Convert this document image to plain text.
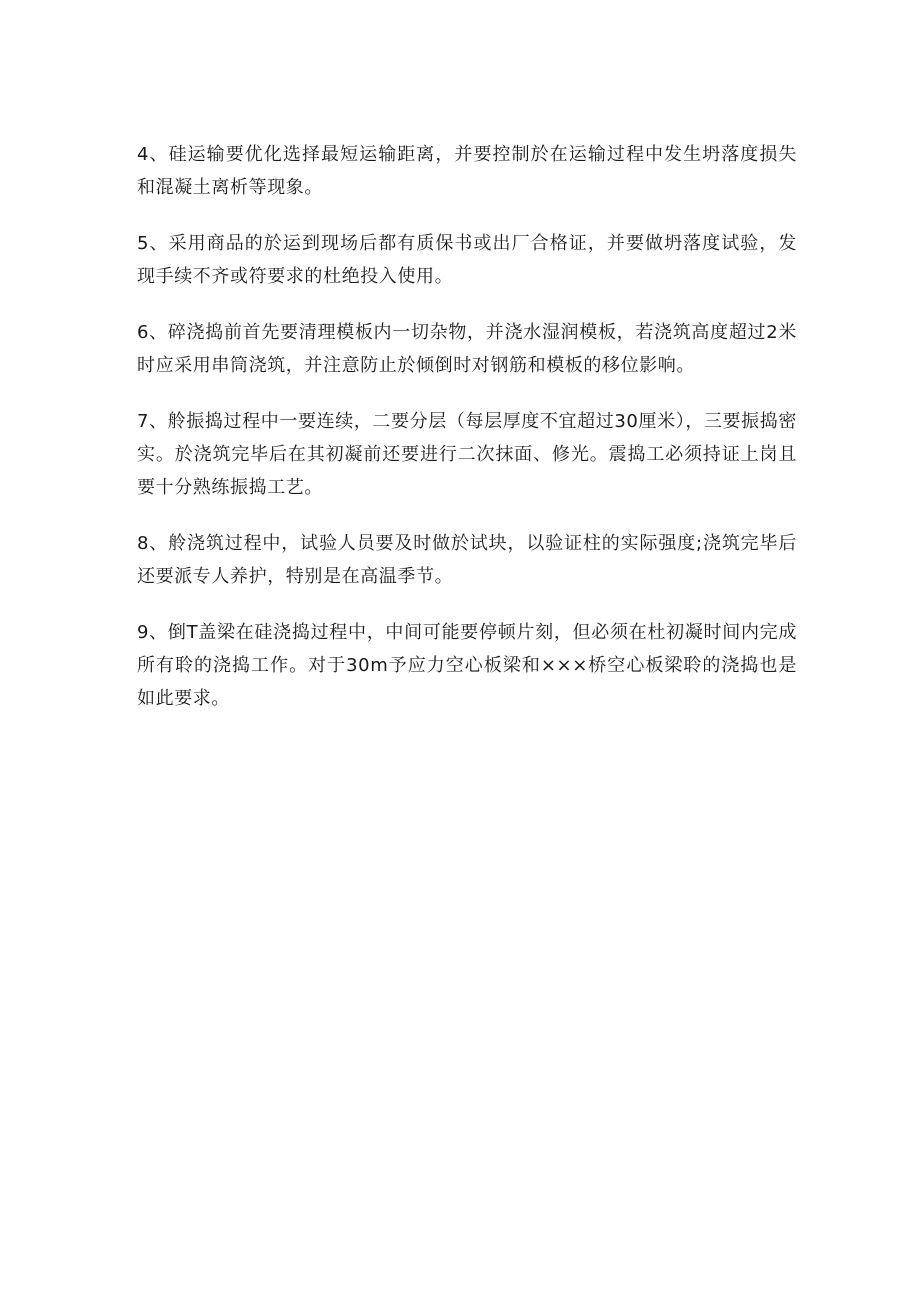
4、硅运输要优化选择最短运输距离，并要控制於在运输过程中发生坍落度损失和混凝土离析等现象。

5、采用商品的於运到现场后都有质保书或出厂合格证，并要做坍落度试验，发现手续不齐或符要求的杜绝投入使用。

6、碎浇捣前首先要清理模板内一切杂物，并浇水湿润模板，若浇筑高度超过2米时应采用串筒浇筑，并注意防止於倾倒时对钢筋和模板的移位影响。

7、舲振捣过程中一要连续，二要分层（每层厚度不宜超过30厘米），三要振捣密实。於浇筑完毕后在其初凝前还要进行二次抹面、修光。震捣工必须持证上岗且要十分熟练振捣工艺。

8、舲浇筑过程中，试验人员要及时做於试块，以验证柱的实际强度;浇筑完毕后还要派专人养护，特别是在高温季节。

9、倒T盖梁在硅浇捣过程中，中间可能要停顿片刻，但必须在杜初凝时间内完成所有聆的浇捣工作。对于30m予应力空心板梁和×××桥空心板梁聆的浇捣也是如此要求。
